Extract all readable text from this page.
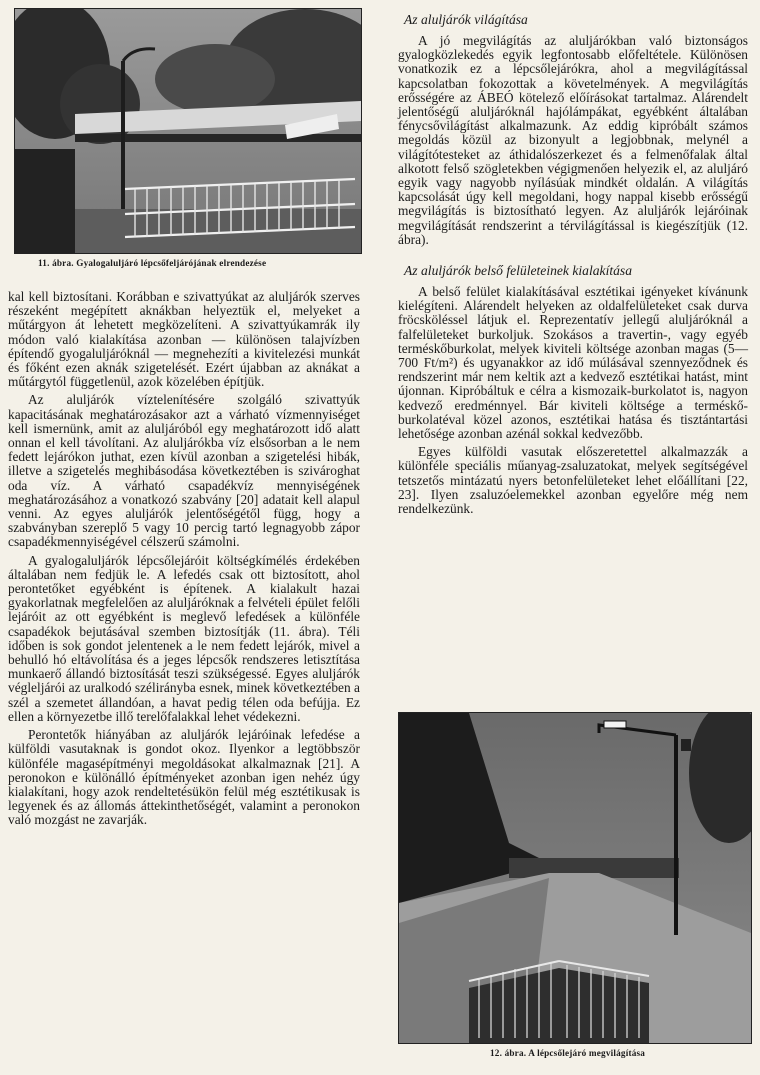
11. ábra. Gyalogaluljáró lépcsőfeljárójának elrendezése

kal kell biztosítani. Korábban e szivattyúkat az aluljárók szerves részeként megépített aknákban helyeztük el, melyeket a műtárgyon át lehetett megközelíteni. A szivattyúkamrák ily módon való kialakítása azonban — különösen talajvízben építendő gyogaluljáróknál — megnehezíti a kivitelezési munkát és főként ezen aknák szigetelését. Ezért újabban az aknákat a műtárgytól függetlenül, azok közelében építjük.

Az aluljárók víztelenítésére szolgáló szivattyúk kapacitásának meghatározásakor azt a várható vízmennyiséget kell ismernünk, amit az aluljáróból egy meghatározott idő alatt onnan el kell távolítani. Az aluljárókba víz elsősorban a le nem fedett lejárókon juthat, ezen kívül azonban a szigetelési hibák, illetve a szigetelés meghibásodása következtében is szivároghat oda víz. A várható csapadékvíz mennyiségének meghatározásához a vonatkozó szabvány [20] adatait kell alapul venni. Az egyes aluljárók jelentőségétől függ, hogy a szabványban szereplő 5 vagy 10 percig tartó legnagyobb zápor csapadékmennyiségével célszerű számolni.

A gyalogaluljárók lépcsőlejáróit költségkímélés érdekében általában nem fedjük le. A lefedés csak ott biztosított, ahol perontetőket egyébként is építenek. A kialakult hazai gyakorlatnak megfelelően az aluljáróknak a felvételi épület felőli lejáróit az ott egyébként is meglevő lefedések a különféle csapadékok bejutásával szemben biztosítják (11. ábra). Téli időben is sok gondot jelentenek a le nem fedett lejárók, mivel a behulló hó eltávolítása és a jeges lépcsők rendszeres letisztítása munkaerő állandó biztosítását teszi szükségessé. Egyes aluljárók végleljárói az uralkodó szélirányba esnek, minek következtében a szél a szemetet állandóan, a havat pedig télen oda befújja. Ez ellen a környezetbe illő terelőfalakkal lehet védekezni.

Perontetők hiányában az aluljárók lejáróinak lefedése a külföldi vasutaknak is gondot okoz. Ilyenkor a legtöbbször különféle magasépítményi megoldásokat alkalmaznak [21]. A peronokon e különálló építményeket azonban igen nehéz úgy kialakítani, hogy azok rendeltetésükön felül még esztétikusak is legyenek és az állomás áttekinthetőségét, valamint a peronokon való mozgást ne zavarják.

Az aluljárók világítása

A jó megvilágítás az aluljárókban való biztonságos gyalogközlekedés egyik legfontosabb előfeltétele. Különösen vonatkozik ez a lépcsőlejárókra, ahol a megvilágítással kapcsolatban fokozottak a követelmények. A megvilágítás erősségére az ÁBEÓ kötelező előírásokat tartalmaz. Alárendelt jelentőségű aluljáróknál hajólámpákat, egyébként általában fénycsővilágítást alkalmazunk. Az eddig kipróbált számos megoldás közül az bizonyult a legjobbnak, melynél a világítótesteket az áthidalószerkezet és a felmenőfalak által alkotott felső szögletekben végigmenően helyezik el, az aluljáró egyik vagy nagyobb nyílásúak mindkét oldalán. A világítás kapcsolását úgy kell megoldani, hogy nappal kisebb erősségű megvilágítás is biztosítható legyen. Az aluljárók lejáróinak megvilágítását rendszerint a térvilágítással is kiegészítjük (12. ábra).

Az aluljárók belső felületeinek kialakítása

A belső felület kialakításával esztétikai igényeket kívánunk kielégíteni. Alárendelt helyeken az oldalfelületeket csak durva fröcsköléssel látjuk el. Reprezentatív jellegű aluljáróknál a falfelületeket burkoljuk. Szokásos a travertin-, vagy egyéb terméskőburkolat, melyek kiviteli költsége azonban magas (5—700 Ft/m²) és ugyanakkor az idő múlásával szennyeződnek és rendszerint már nem keltik azt a kedvező esztétikai hatást, mint újonnan. Kipróbáltuk e célra a kismozaik-burkolatot is, nagyon kedvező eredménnyel. Bár kiviteli költsége a terméskő-burkolatéval közel azonos, esztétikai hatása és tisztántartási lehetősége azonban azénál sokkal kedvezőbb.

Egyes külföldi vasutak előszeretettel alkalmazzák a különféle speciális műanyag-zsaluzatokat, melyek segítségével tetszetős mintázatú nyers betonfelületeket lehet előállítani [22, 23]. Ilyen zsaluzóelemekkel azonban egyelőre még nem rendelkezünk.

12. ábra. A lépcsőlejáró megvilágítása
